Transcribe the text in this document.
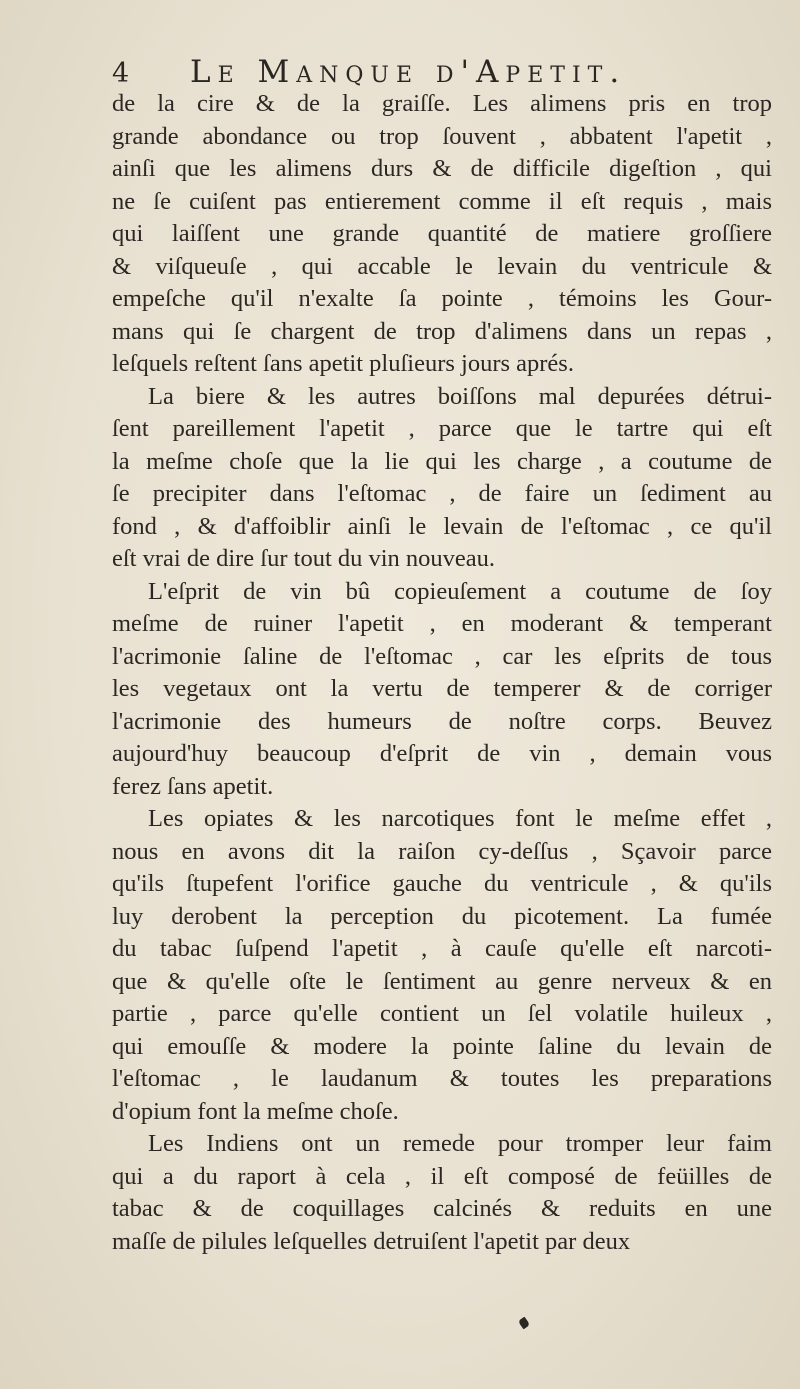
4 Le Manque d'Apetit.
de la cire & de la graiſſe. Les alimens pris en trop
grande abondance ou trop ſouvent , abbatent l'apetit ,
ainſi que les alimens durs & de difficile digeſtion , qui
ne ſe cuiſent pas entierement comme il eſt requis , mais
qui laiſſent une grande quantité de matiere groſſiere
& viſqueuſe , qui accable le levain du ventricule &
empeſche qu'il n'exalte ſa pointe , témoins les Gour-
mans qui ſe chargent de trop d'alimens dans un repas ,
leſquels reſtent ſans apetit pluſieurs jours aprés.
La biere & les autres boiſſons mal depurées détrui-
ſent pareillement l'apetit , parce que le tartre qui eſt
la meſme choſe que la lie qui les charge , a coutume de
ſe precipiter dans l'eſtomac , de faire un ſediment au
fond , & d'affoiblir ainſi le levain de l'eſtomac , ce qu'il
eſt vrai de dire ſur tout du vin nouveau.
L'eſprit de vin bû copieuſement a coutume de ſoy
meſme de ruiner l'apetit , en moderant & temperant
l'acrimonie ſaline de l'eſtomac , car les eſprits de tous
les vegetaux ont la vertu de temperer & de corriger
l'acrimonie des humeurs de noſtre corps. Beuvez
aujourd'huy beaucoup d'eſprit de vin , demain vous
ferez ſans apetit.
Les opiates & les narcotiques font le meſme effet ,
nous en avons dit la raiſon cy-deſſus , Sçavoir parce
qu'ils ſtupefent l'orifice gauche du ventricule , & qu'ils
luy derobent la perception du picotement. La fumée
du tabac ſuſpend l'apetit , à cauſe qu'elle eſt narcoti-
que & qu'elle oſte le ſentiment au genre nerveux & en
partie , parce qu'elle contient un ſel volatile huileux ,
qui emouſſe & modere la pointe ſaline du levain de
l'eſtomac , le laudanum & toutes les preparations
d'opium font la meſme choſe.
Les Indiens ont un remede pour tromper leur faim
qui a du raport à cela , il eſt composé de feüilles de
tabac & de coquillages calcinés & reduits en une
maſſe de pilules leſquelles detruiſent l'apetit par deux
